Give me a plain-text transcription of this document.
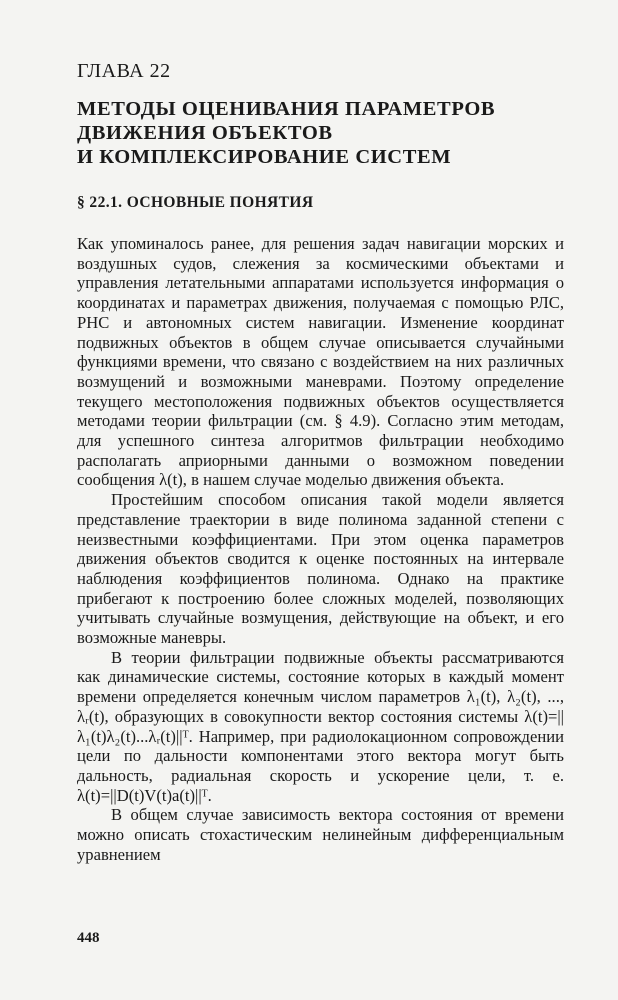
ГЛАВА 22
МЕТОДЫ ОЦЕНИВАНИЯ ПАРАМЕТРОВ
ДВИЖЕНИЯ ОБЪЕКТОВ
И КОМПЛЕКСИРОВАНИЕ СИСТЕМ
§ 22.1. ОСНОВНЫЕ ПОНЯТИЯ

Как упоминалось ранее, для решения задач навигации морских и воздушных судов, слежения за космическими объектами и управления летательными аппаратами используется информация о координатах и параметрах движения, получаемая с помощью РЛС, РНС и автономных систем навигации. Изменение координат подвижных объектов в общем случае описывается случайными функциями времени, что связано с воздействием на них различных возмущений и возможными маневрами. Поэтому определение текущего местоположения подвижных объектов осуществляется методами теории фильтрации (см. § 4.9). Согласно этим методам, для успешного синтеза алгоритмов фильтрации необходимо располагать априорными данными о возможном поведении сообщения λ(t), в нашем случае моделью движения объекта.

Простейшим способом описания такой модели является представление траектории в виде полинома заданной степени с неизвестными коэффициентами. При этом оценка параметров движения объектов сводится к оценке постоянных на интервале наблюдения коэффициентов полинома. Однако на практике прибегают к построению более сложных моделей, позволяющих учитывать случайные возмущения, действующие на объект, и его возможные маневры.

В теории фильтрации подвижные объекты рассматриваются как динамические системы, состояние которых в каждый момент времени определяется конечным числом параметров λ₁(t), λ₂(t), ..., λᵣ(t), образующих в совокупности вектор состояния системы λ(t)=||λ₁(t)λ₂(t)...λᵣ(t)||ᵀ. Например, при радиолокационном сопровождении цели по дальности компонентами этого вектора могут быть дальность, радиальная скорость и ускорение цели, т. е. λ(t)=||D(t)V(t)a(t)||ᵀ.

В общем случае зависимость вектора состояния от времени можно описать стохастическим нелинейным дифференциальным уравнением

448
